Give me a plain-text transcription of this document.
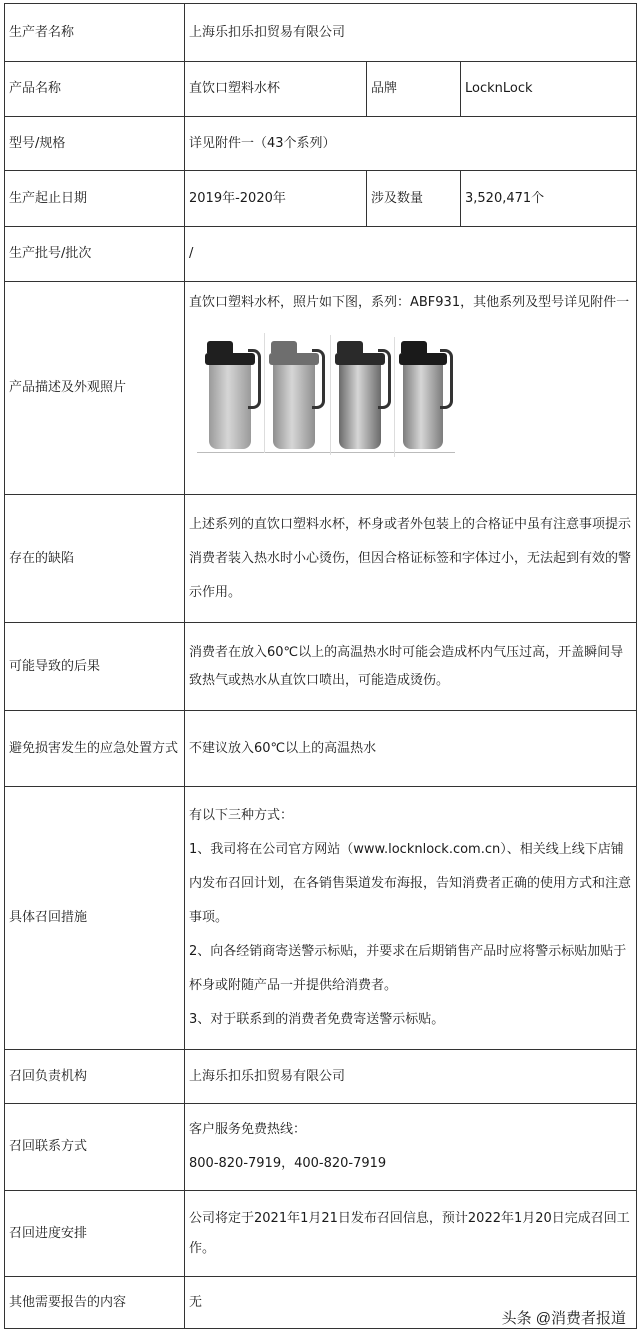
生产者名称	上海乐扣乐扣贸易有限公司		
产品名称	直饮口塑料水杯	品牌	LocknLock
型号/规格	详见附件一（43个系列）		
生产起止日期	2019年-2020年	涉及数量	3,520,471个
生产批号/批次	/		
产品描述及外观照片	直饮口塑料水杯，照片如下图，系列：ABF931，其他系列及型号详见附件一		

存在的缺陷	上述系列的直饮口塑料水杯，杯身或者外包装上的合格证中虽有注意事项提示消费者装入热水时小心烫伤，但因合格证标签和字体过小，无法起到有效的警示作用。		

可能导致的后果	消费者在放入60℃以上的高温热水时可能会造成杯内气压过高，开盖瞬间导致热气或热水从直饮口喷出，可能造成烫伤。		

避免损害发生的应急处置方式	不建议放入60℃以上的高温热水		
具体召回措施	有以下三种方式：

1、我司将在公司官方网站（www.locknlock.com.cn）、相关线上线下店铺内发布召回计划，在各销售渠道发布海报，告知消费者正确的使用方式和注意事项。

2、向各经销商寄送警示标贴，并要求在后期销售产品时应将警示标贴加贴于杯身或附随产品一并提供给消费者。

3、对于联系到的消费者免费寄送警示标贴。		

召回负责机构	上海乐扣乐扣贸易有限公司		
召回联系方式	客户服务免费热线：

800-820-7919，400-820-7919		

召回进度安排	公司将定于2021年1月21日发布召回信息，预计2022年1月20日完成召回工作。		

其他需要报告的内容	无		
头条 @消费者报道
